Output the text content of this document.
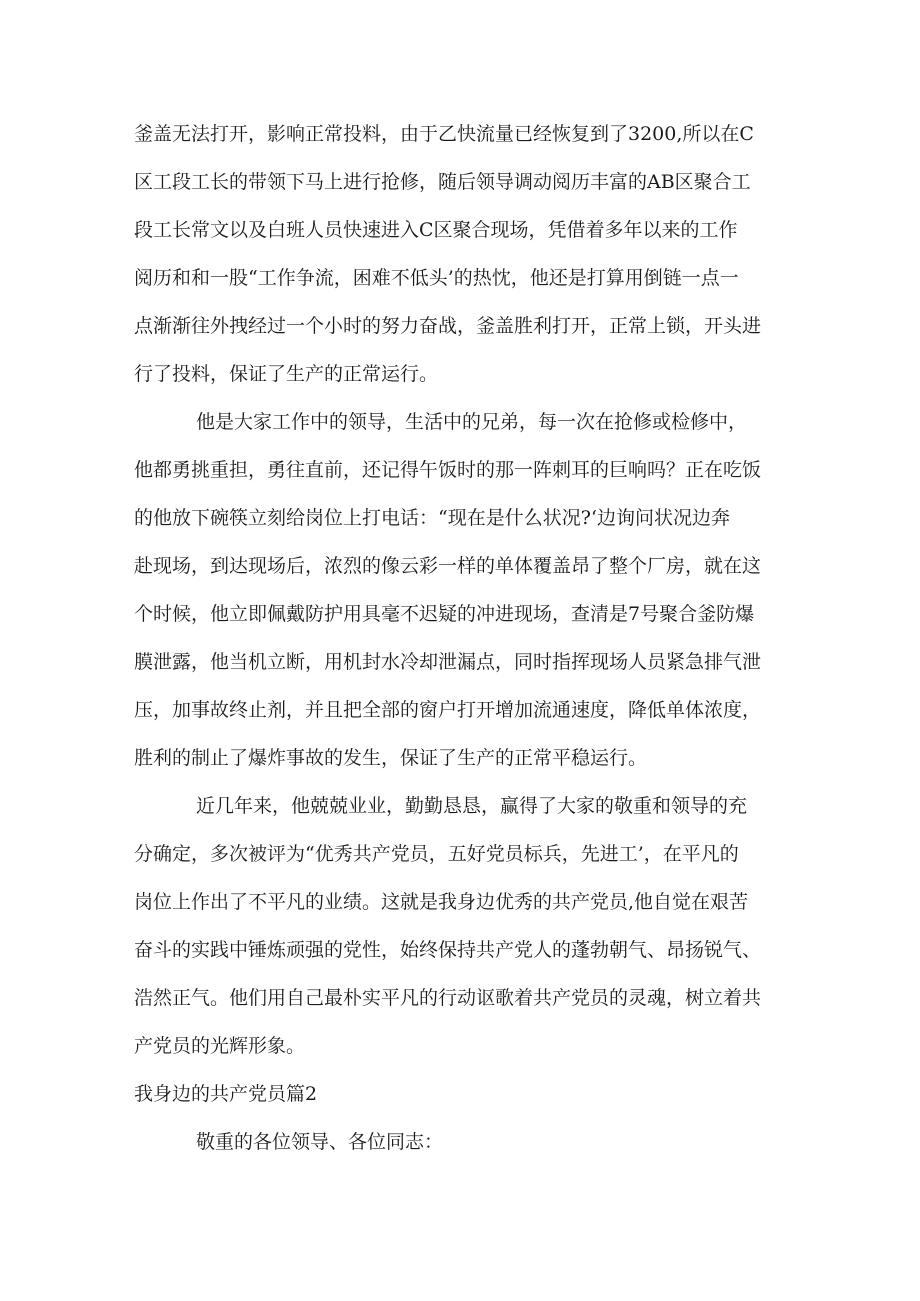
釜盖无法打开，影响正常投料，由于乙快流量已经恢复到了3200,所以在C
区工段工长的带领下马上进行抢修，随后领导调动阅历丰富的AB区聚合工
段工长常文以及白班人员快速进入C区聚合现场，凭借着多年以来的工作
阅历和和一股“工作争流，困难不低头’的热忱，他还是打算用倒链一点一
点渐渐往外拽经过一个小时的努力奋战，釜盖胜利打开，正常上锁，开头进
行了投料，保证了生产的正常运行。
他是大家工作中的领导，生活中的兄弟，每一次在抢修或检修中，
他都勇挑重担，勇往直前，还记得午饭时的那一阵刺耳的巨响吗？正在吃饭
的他放下碗筷立刻给岗位上打电话：“现在是什么状况?‘边询问状况边奔
赴现场，到达现场后，浓烈的像云彩一样的单体覆盖昂了整个厂房，就在这
个时候，他立即佩戴防护用具毫不迟疑的冲进现场，查清是7号聚合釜防爆
膜泄露，他当机立断，用机封水冷却泄漏点，同时指挥现场人员紧急排气泄
压，加事故终止剂，并且把全部的窗户打开增加流通速度，降低单体浓度，
胜利的制止了爆炸事故的发生，保证了生产的正常平稳运行。
近几年来，他兢兢业业，勤勤恳恳，赢得了大家的敬重和领导的充
分确定，多次被评为“优秀共产党员，五好党员标兵，先进工’，在平凡的
岗位上作出了不平凡的业绩。这就是我身边优秀的共产党员,他自觉在艰苦
奋斗的实践中锤炼顽强的党性，始终保持共产党人的蓬勃朝气、昂扬锐气、
浩然正气。他们用自己最朴实平凡的行动讴歌着共产党员的灵魂，树立着共
产党员的光辉形象。
我身边的共产党员篇2
敬重的各位领导、各位同志：
